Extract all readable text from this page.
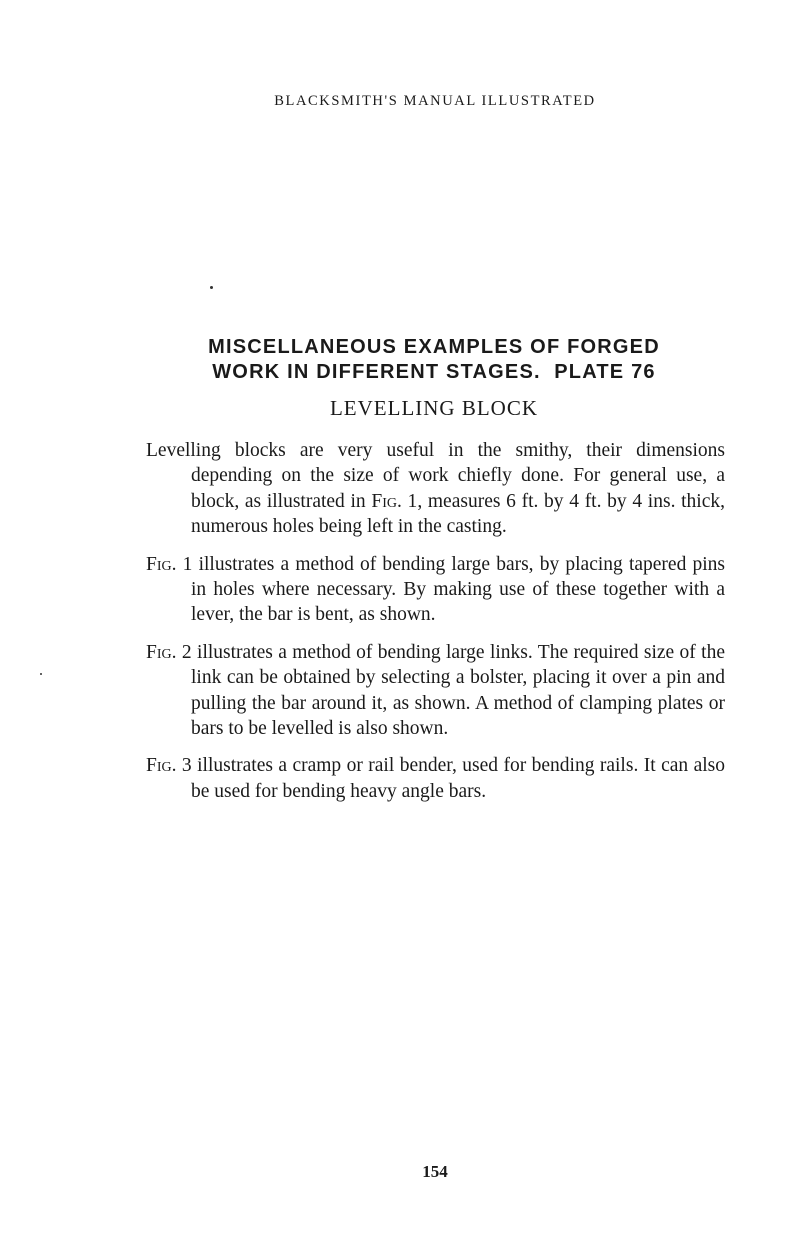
BLACKSMITH'S MANUAL ILLUSTRATED
MISCELLANEOUS EXAMPLES OF FORGED
WORK IN DIFFERENT STAGES.  PLATE 76
LEVELLING BLOCK

Levelling blocks are very useful in the smithy, their dimensions depending on the size of work chiefly done. For general use, a block, as illustrated in Fig. 1, measures 6 ft. by 4 ft. by 4 ins. thick, numerous holes being left in the casting.

Fig. 1 illustrates a method of bending large bars, by placing tapered pins in holes where necessary. By making use of these together with a lever, the bar is bent, as shown.

Fig. 2 illustrates a method of bending large links. The required size of the link can be obtained by selecting a bolster, placing it over a pin and pulling the bar around it, as shown. A method of clamping plates or bars to be levelled is also shown.

Fig. 3 illustrates a cramp or rail bender, used for bending rails. It can also be used for bending heavy angle bars.

154
